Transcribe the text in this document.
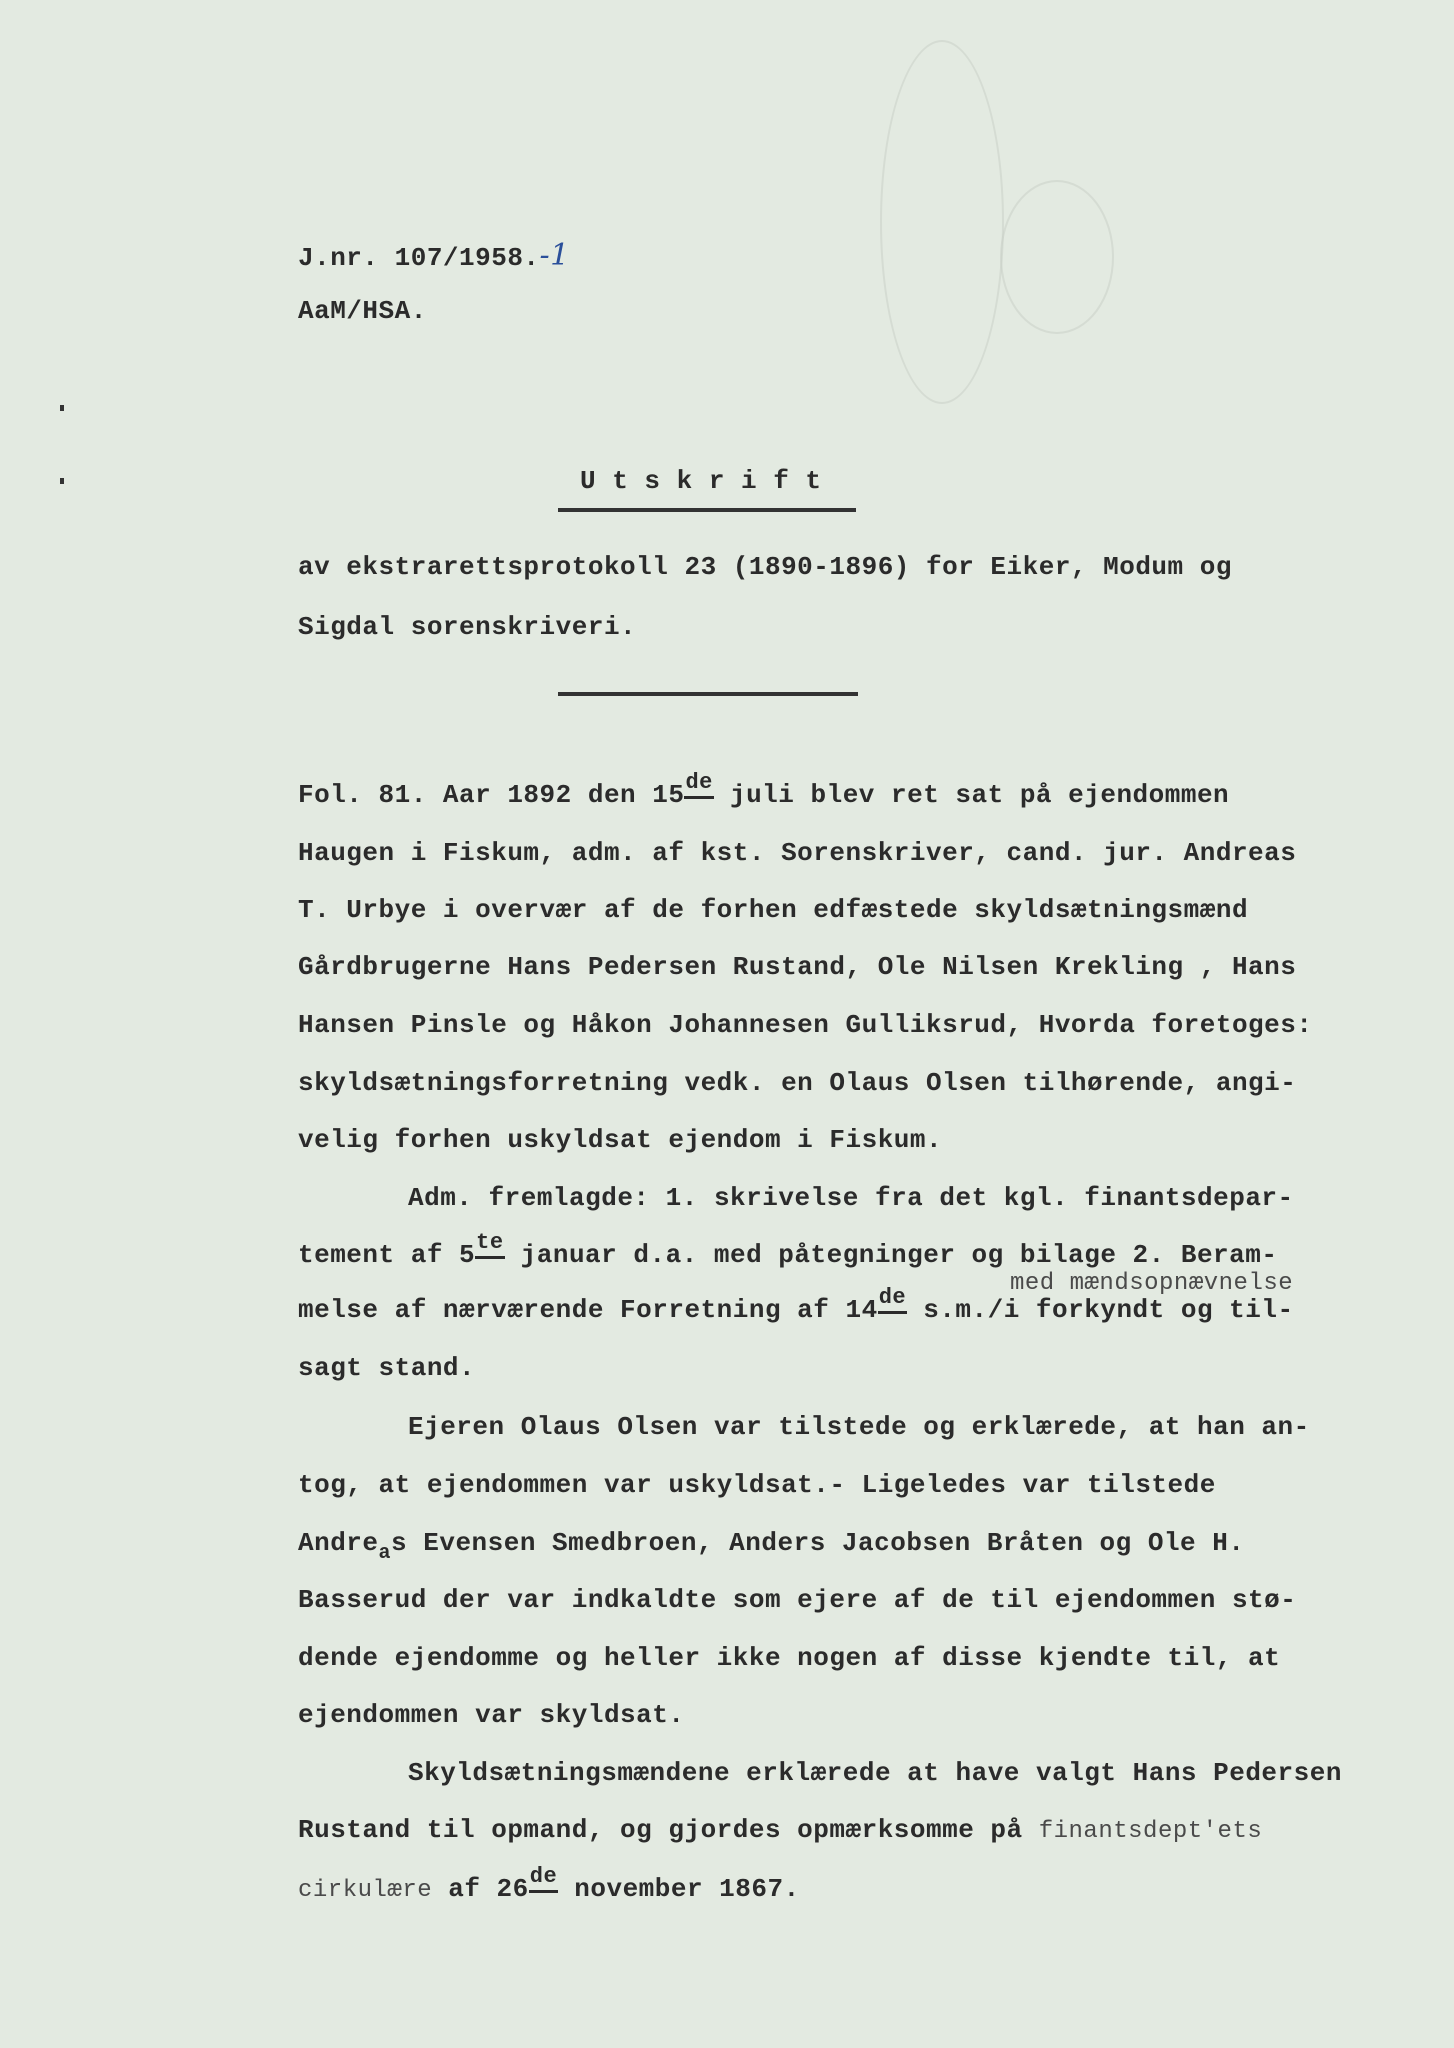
J.nr. 107/1958.-1
AaM/HSA.
U t s k r i f t
av ekstrarettsprotokoll 23 (1890-1896) for Eiker, Modum og
Sigdal sorenskriveri.
Fol. 81. Aar 1892 den 15de juli blev ret sat på ejendommen
Haugen i Fiskum, adm. af kst. Sorenskriver, cand. jur. Andreas
T. Urbye i overvær af de forhen edfæstede skyldsætningsmænd
Gårdbrugerne Hans Pedersen Rustand, Ole Nilsen Krekling , Hans
Hansen Pinsle og Håkon Johannesen Gulliksrud, Hvorda foretoges:
skyldsætningsforretning vedk. en Olaus Olsen tilhørende, angi-
velig forhen uskyldsat ejendom i Fiskum.
Adm. fremlagde: 1. skrivelse fra det kgl. finantsdepar-
tement af $5^{te}$ januar d.a. med påtegninger og bilage 2. Beram-
med mændsopnævnelse
melse af nærværende Forretning af 14de s.m./i forkyndt og til-
sagt stand.
Ejeren Olaus Olsen var tilstede og erklærede, at han an-
tog, at ejendommen var uskyldsat.- Ligeledes var tilstede
Andre$_a$s Evensen Smedbroen, Anders Jacobsen Bråten og Ole H.
Basserud der var indkaldte som ejere af de til ejendommen stø-
dende ejendomme og heller ikke nogen af disse kjendte til, at
ejendommen var skyldsat.
Skyldsætningsmændene erklærede at have valgt Hans Pedersen
Rustand til opmand, og gjordes opmærksomme på finantsdept'ets
cirkulære af 26de november 1867.
